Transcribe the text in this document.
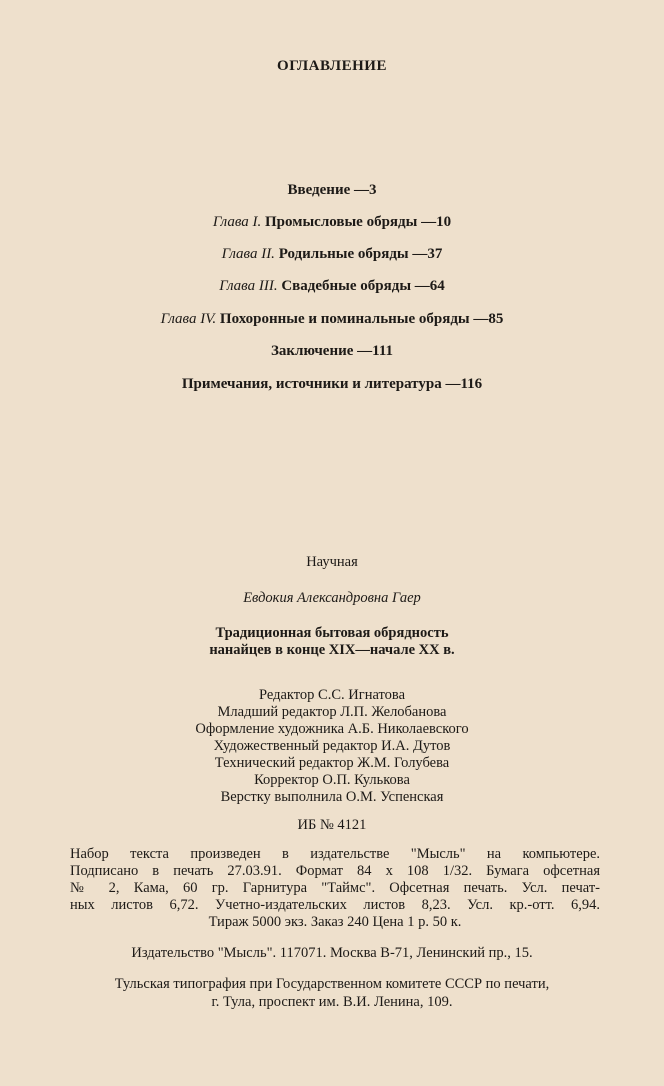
ОГЛАВЛЕНИЕ
Введение —3
Глава I. Промысловые обряды —10
Глава II. Родильные обряды —37
Глава III. Свадебные обряды —64
Глава IV. Похоронные и поминальные обряды —85
Заключение —111
Примечания, источники и литература —116
Научная
Евдокия Александровна Гаер
Традиционная бытовая обрядность
нанайцев в конце XIX—начале XX в.
Редактор С.С. Игнатова
Младший редактор Л.П. Желобанова
Оформление художника А.Б. Николаевского
Художественный редактор И.А. Дутов
Технический редактор Ж.М. Голубева
Корректор О.П. Кулькова
Верстку выполнила О.М. Успенская
ИБ № 4121
Набор текста произведен в издательстве "Мысль" на компьютере.
Подписано в печать 27.03.91. Формат 84 x 108 1/32. Бумага офсетная
№ 2, Кама, 60 гр. Гарнитура "Таймс". Офсетная печать. Усл. печат-
ных листов 6,72. Учетно-издательских листов 8,23. Усл. кр.-отт. 6,94.
Тираж 5000 экз. Заказ 240 Цена 1 р. 50 к.
Издательство "Мысль". 117071. Москва В-71, Ленинский пр., 15.
Тульская типография при Государственном комитете СССР по печати,
г. Тула, проспект им. В.И. Ленина, 109.
